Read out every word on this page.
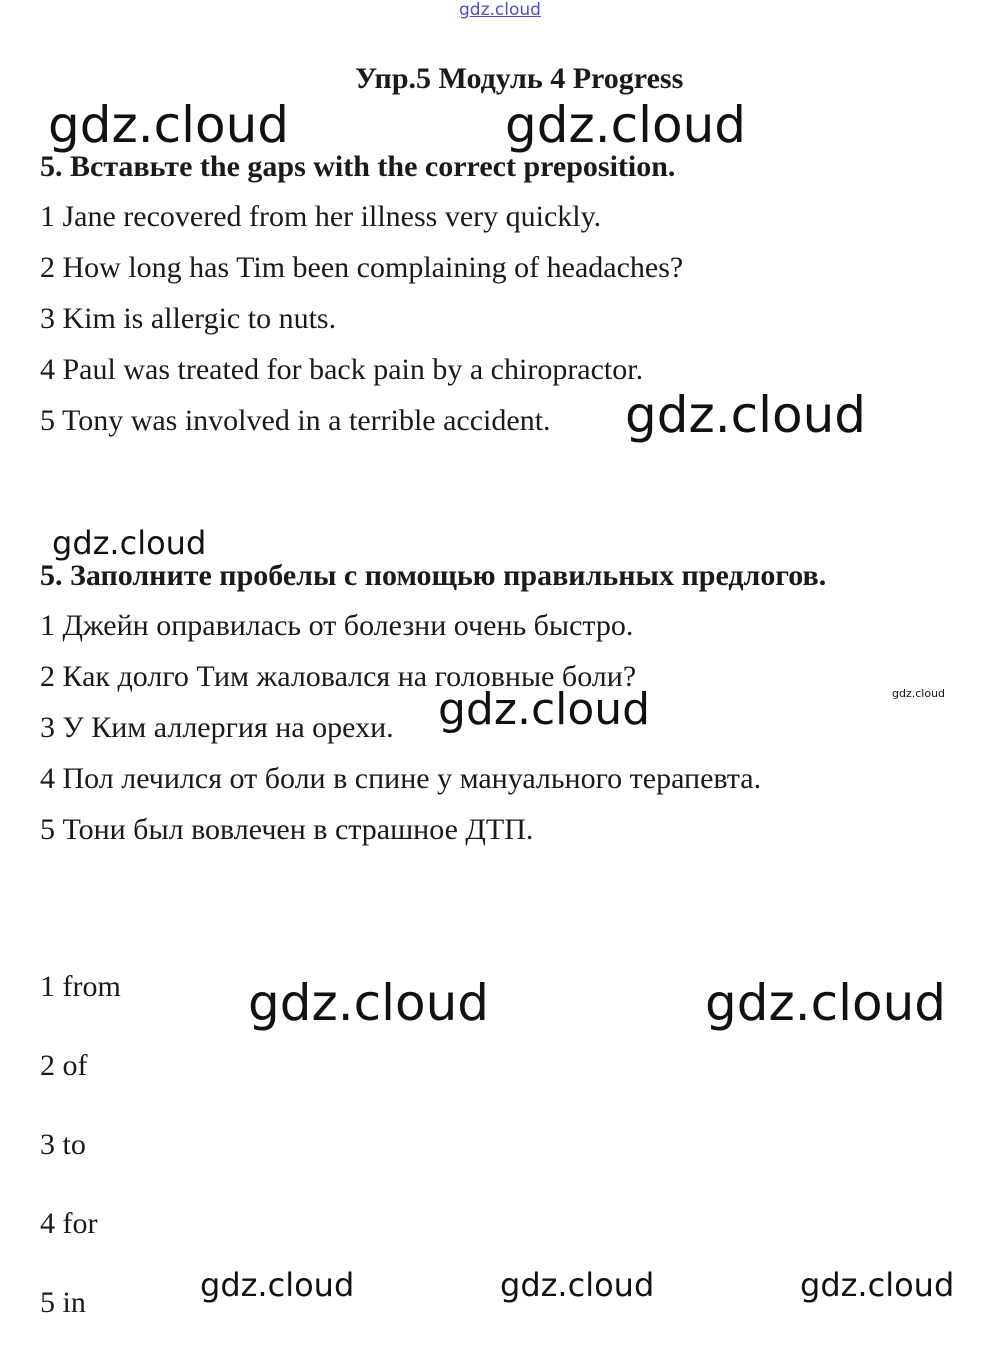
gdz.cloud
Упр.5 Модуль 4 Progress
gdz.cloud	gdz.cloud
5. Вставьте the gaps with the correct preposition.
1 Jane recovered from her illness very quickly.
2 How long has Tim been complaining of headaches?
3 Kim is allergic to nuts.
4 Paul was treated for back pain by a chiropractor.
5 Tony was involved in a terrible accident. gdz.cloud
gdz.cloud
5. Заполните пробелы с помощью правильных предлогов.
1 Джейн оправилась от болезни очень быстро.
2 Как долго Тим жаловался на головные боли?
gdz.cloud
3 У Ким аллергия на орехи. gdz.cloud
4 Пол лечился от боли в спине у мануального терапевта.
5 Тони был вовлечен в страшное ДТП.
1 from	gdz.cloud	gdz.cloud
2 of
3 to
4 for
gdz.cloud	gdz.cloud	gdz.cloud
5 in
